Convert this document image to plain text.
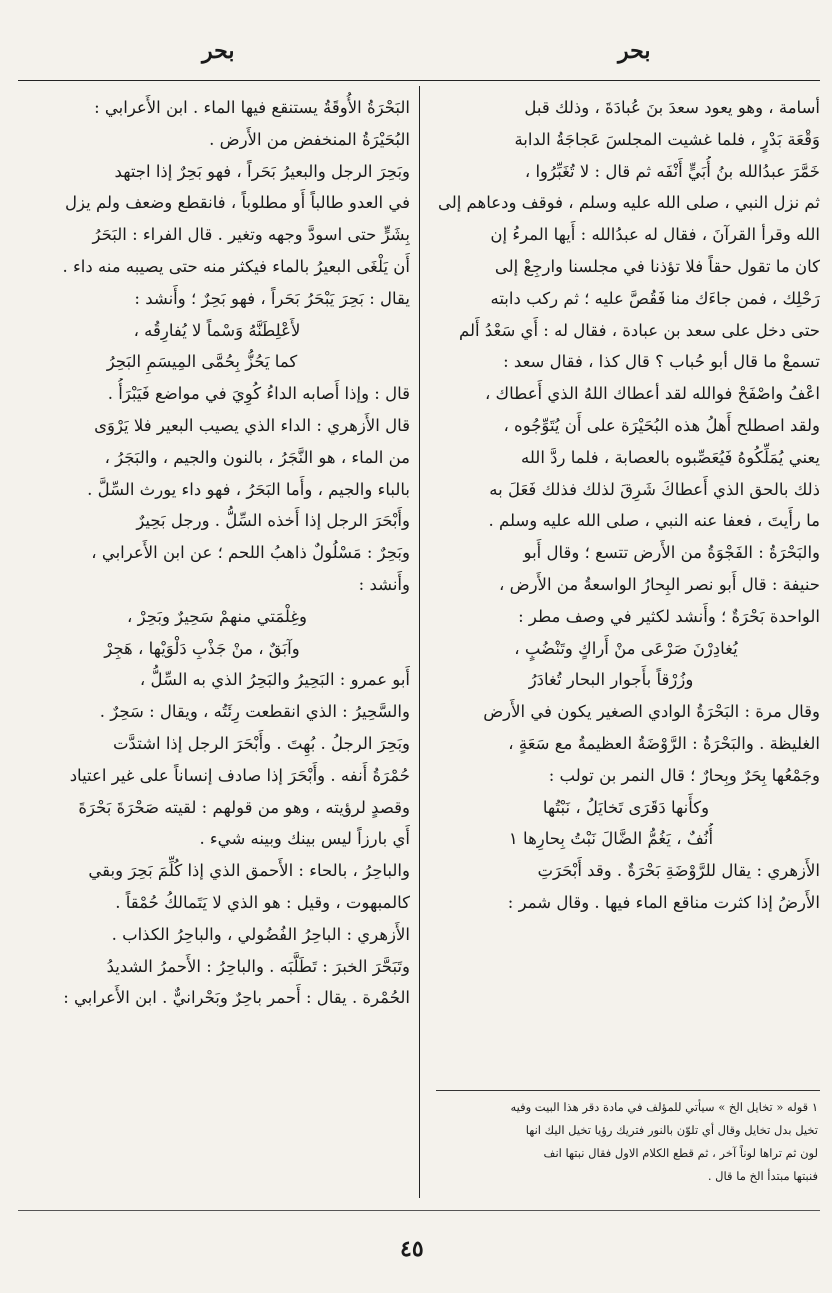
بحر
بحر
أسامة ، وهو يعود سعدَ بنَ عُبادَةَ ، وذلك قبل
وَقْعَة بَدْرٍ ، فلما غشيت المجلسَ عَجاجَةُ الدابة
خَمَّرَ عبدُالله بنُ أُبَيٍّ أَنْفَه ثم قال : لا تُغَبِّرُوا ،
ثم نزل النبي ، صلى الله عليه وسلم ، فوقف ودعاهم إلى
الله وقرأ القرآنَ ، فقال له عبدُالله : أَيها المرءُ إن
كان ما تقول حقاً فلا تؤذنا في مجلسنا وارجِعْ إلى
رَحْلِك ، فمن جاءَك منا فَقُصَّ عليه ؛ ثم ركب دابته
حتى دخل على سعد بن عبادة ، فقال له : أَي سَعْدُ أَلم
تسمعْ ما قال أبو حُباب ؟ قال كذا ، فقال سعد :
اعْفُ واصْفَحْ فوالله لقد أعطاك اللهُ الذي أَعطاك ،
ولقد اصطلح أَهلُ هذه البُحَيْرَة على أَن يُتَوِّجُوه ،
يعني يُمَلِّكُوهُ فَيُعَصِّبوه بالعصابة ، فلما ردَّ الله
ذلك بالحق الذي أَعطاكَ شَرِقَ لذلك فذلك فَعَلَ به
ما رأَيتَ ، فعفا عنه النبي ، صلى الله عليه وسلم .
والبَحْرَةُ : الفَجْوَةُ من الأَرض تتسع ؛ وقال أَبو
حنيفة : قال أَبو نصر البِحارُ الواسعةُ من الأَرض ،
الواحدة بَحْرَةٌ ؛ وأَنشد لكثير في وصف مطر :
يُغادِرْنَ صَرْعَى منْ أَراكٍ وتَنْضُبٍ ،
وزُرْقاً بأَجوار البحار تُغادَرُ
وقال مرة : البَحْرَةُ الوادي الصغير يكون في الأَرض
الغليظة . والبَحْرَةُ : الرَّوْضَةُ العظيمةُ مع سَعَةٍ ،
وجَمْعُها بِحَرٌ وبِحارٌ ؛ قال النمر بن تولب :
وكأَنها دَقَرَى تَخايَلُ ، نَبْتُها
أُنُفٌ ، يَغُمُّ الضَّالَ نَبْتُ بِحارِها ١
الأَزهري : يقال للرَّوْضَةِ بَحْرَةٌ . وقد أَبْحَرَتِ
الأَرضُ إذا كثرت مناقع الماء فيها . وقال شمر :
البَحْرَةُ الأُوقَةُ يستنقع فيها الماء . ابن الأَعرابي :
البُحَيْرَةُ المنخفض من الأَرض .
وبَحِرَ الرجل والبعيرُ بَحَراً ، فهو بَحِرٌ إذا اجتهد
في العدو طالباً أَو مطلوباً ، فانقطع وضعف ولم يزل
بِشَرٍّ حتى اسودَّ وجهه وتغير . قال الفراء : البَحَرُ
أَن يَلْغَى البعيرُ بالماء فيكثر منه حتى يصيبه منه داء .
يقال : بَحِرَ يَبْحَرُ بَحَراً ، فهو بَحِرٌ ؛ وأَنشد :
لأَعْلِطَنَّهُ وَسْماً لا يُفارِقُه ،
كما يَحُزُّ بِحُمَّى المِيسَمِ البَحِرُ
قال : وإذا أَصابه الداءُ كُوِيَ في مواضع فَيَبْرَأُ .
قال الأَزهري : الداء الذي يصيب البعير فلا يَرْوَى
من الماء ، هو النَّجَرُ ، بالنون والجيم ، والبَجَرُ ،
بالباء والجيم ، وأَما البَحَرُ ، فهو داء يورث السِّلَّ .
وأَبْحَرَ الرجل إذا أَخذه السِّلُّ . ورجل بَحِيرٌ
وبَحِرٌ : مَسْلُولٌ ذاهبُ اللحم ؛ عن ابن الأَعرابي ،
وأَنشد :
وغِلْمَتي منهمْ سَحِيرٌ وبَحِرْ ،
وآبَقٌ ، منْ جَذْبِ دَلْوَيْها ، هَجِرْ
أَبو عمرو : البَحِيرُ والبَحِرُ الذي به السِّلُّ ،
والسَّحِيرُ : الذي انقطعت رِئَتُه ، ويقال : سَحِرٌ .
وبَحِرَ الرجلُ . بُهِتَ . وأَبْحَرَ الرجل إذا اشتدَّت
حُمْرَةُ أَنفه . وأَبْحَرَ إذا صادف إنساناً على غير اعتياد
وقصدٍ لرؤيته ، وهو من قولهم : لقيته صَحْرَةَ بَحْرَةَ
أَي بارزاً ليس بينك وبينه شيء .
والباحِرُ ، بالحاء : الأَحمق الذي إذا كُلِّمَ بَحِرَ وبقي
كالمبهوت ، وقيل : هو الذي لا يَتَمالكُ حُمْقاً .
الأَزهري : الباحِرُ الفُضُولي ، والباحِرُ الكذاب .
وتَبَحَّرَ الخبرَ : تَطَلَّبَه . والباحِرُ : الأَحمرُ الشديدُ
الحُمْرة . يقال : أَحمر باحِرٌ وبَحْرانيٌّ . ابن الأَعرابي :
١ قوله « تخايل الخ » سيأتي للمؤلف في مادة دقر هذا البيت وفيه
تخيل بدل تخايل وقال أي تلوّن بالنور فتريك رؤيا تخيل اليك انها
لون ثم تراها لوناً آخر ، ثم قطع الكلام الاول فقال نبتها انف
فنبتها مبتدأ الخ ما قال .
٤٥
